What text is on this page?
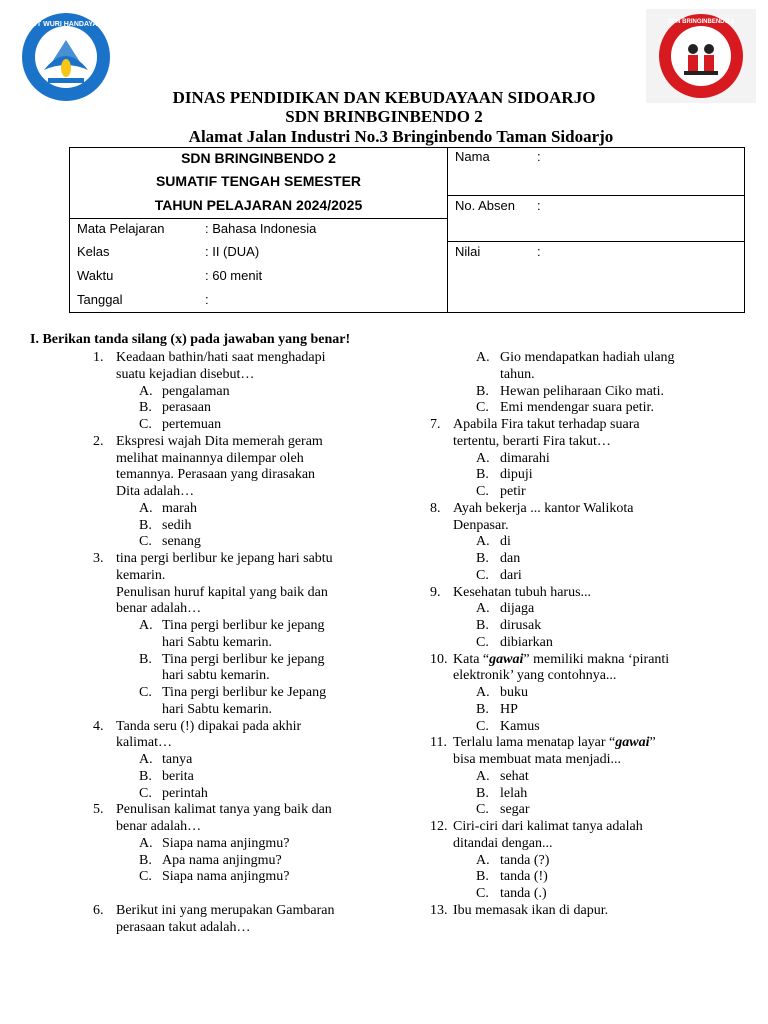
TUT WURI HANDAYANI	SDN BRINGINBENDO 2
DINAS PENDIDIKAN DAN KEBUDAYAAN SIDOARJO
SDN BRINBGINBENDO 2
Alamat Jalan Industri No.3 Bringinbendo Taman Sidoarjo
SDN BRINGINBENDO 2
SUMATIF TENGAH SEMESTER
TAHUN PELAJARAN 2024/2025
Mata Pelajaran	: Bahasa Indonesia
Kelas	: II (DUA)
Waktu	: 60 menit
Tanggal	:
Nama	:
No. Absen :
Nilai	:
I. Berikan tanda silang (x) pada jawaban yang benar!
1. Keadaan bathin/hati saat menghadapi
suatu kejadian disebut…
A. pengalaman
B. perasaan
C. pertemuan
2. Ekspresi wajah Dita memerah geram
melihat mainannya dilempar oleh
temannya. Perasaan yang dirasakan
Dita adalah…
A. marah
B. sedih
C. senang
3. tina pergi berlibur ke jepang hari sabtu
kemarin.
Penulisan huruf kapital yang baik dan
benar adalah…
A. Tina pergi berlibur ke jepang
hari Sabtu kemarin.
B. Tina pergi berlibur ke jepang
hari sabtu kemarin.
C. Tina pergi berlibur ke Jepang
hari Sabtu kemarin.
4. Tanda seru (!) dipakai pada akhir
kalimat…
A. tanya
B. berita
C. perintah
5. Penulisan kalimat tanya yang baik dan
benar adalah…
A. Siapa nama anjingmu?
B. Apa nama anjingmu?
C. Siapa nama anjingmu?
6. Berikut ini yang merupakan Gambaran
perasaan takut adalah…
A. Gio mendapatkan hadiah ulang
tahun.
B. Hewan peliharaan Ciko mati.
C. Emi mendengar suara petir.
7. Apabila Fira takut terhadap suara
tertentu, berarti Fira takut…
A. dimarahi
B. dipuji
C. petir
8. Ayah bekerja ... kantor Walikota
Denpasar.
A. di
B. dan
C. dari
9. Kesehatan tubuh harus...
A. dijaga
B. dirusak
C. dibiarkan
10. Kata “gawai” memiliki makna ‘piranti
elektronik’ yang contohnya...
A. buku
B. HP
C. Kamus
11. Terlalu lama menatap layar “gawai”
bisa membuat mata menjadi...
A. sehat
B. lelah
C. segar
12. Ciri-ciri dari kalimat tanya adalah
ditandai dengan...
A. tanda (?)
B. tanda (!)
C. tanda (.)
13. Ibu memasak ikan di dapur.
